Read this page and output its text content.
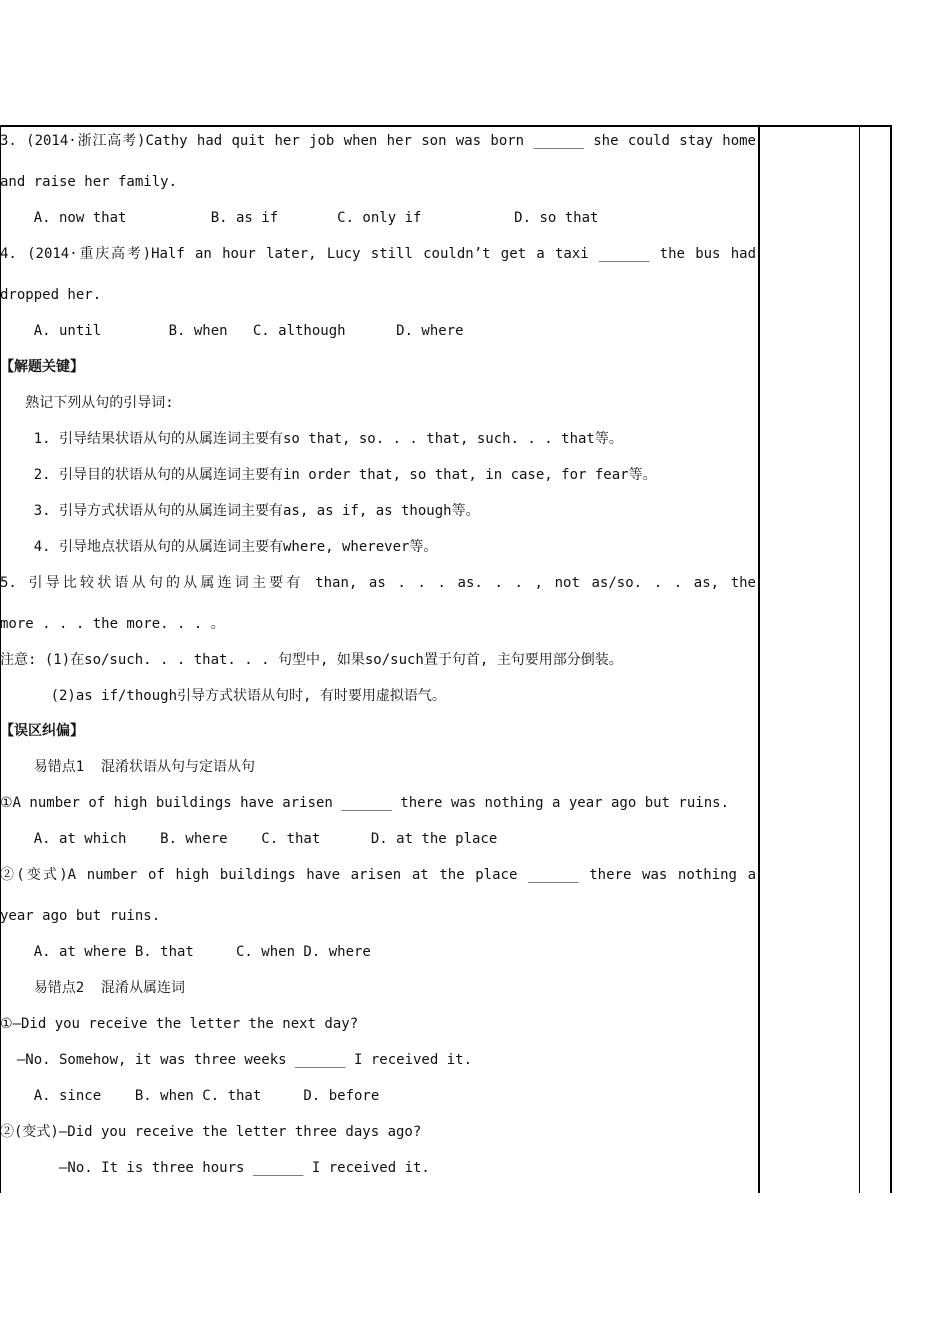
3. (2014·浙江高考)Cathy had quit her job when her son was born ______ she could stay home
and raise her family.
A. now that          B. as if       C. only if           D. so that
4. (2014·重庆高考)Half an hour later, Lucy still couldn’t get a taxi ______ the bus had
dropped her.
A. until        B. when   C. although      D. where
【解题关键】
熟记下列从句的引导词:
1. 引导结果状语从句的从属连词主要有so that, so. . . that, such. . . that等。
2. 引导目的状语从句的从属连词主要有in order that, so that, in case, for fear等。
3. 引导方式状语从句的从属连词主要有as, as if, as though等。
4. 引导地点状语从句的从属连词主要有where, wherever等。
5. 引导比较状语从句的从属连词主要有 than, as . . . as. . . , not as/so. . . as, the
more . . . the more. . . 。
注意: (1)在so/such. . . that. . . 句型中, 如果so/such置于句首, 主句要用部分倒装。
(2)as if/though引导方式状语从句时, 有时要用虚拟语气。
【误区纠偏】
易错点1  混淆状语从句与定语从句
①A number of high buildings have arisen ______ there was nothing a year ago but ruins.
A. at which    B. where    C. that      D. at the place
②(变式)A number of high buildings have arisen at the place ______ there was nothing a
year ago but ruins.
A. at where B. that     C. when D. where
易错点2  混淆从属连词
①—Did you receive the letter the next day?
—No. Somehow, it was three weeks ______ I received it.
A. since    B. when C. that     D. before
②(变式)—Did you receive the letter three days ago?
—No. It is three hours ______ I received it.
